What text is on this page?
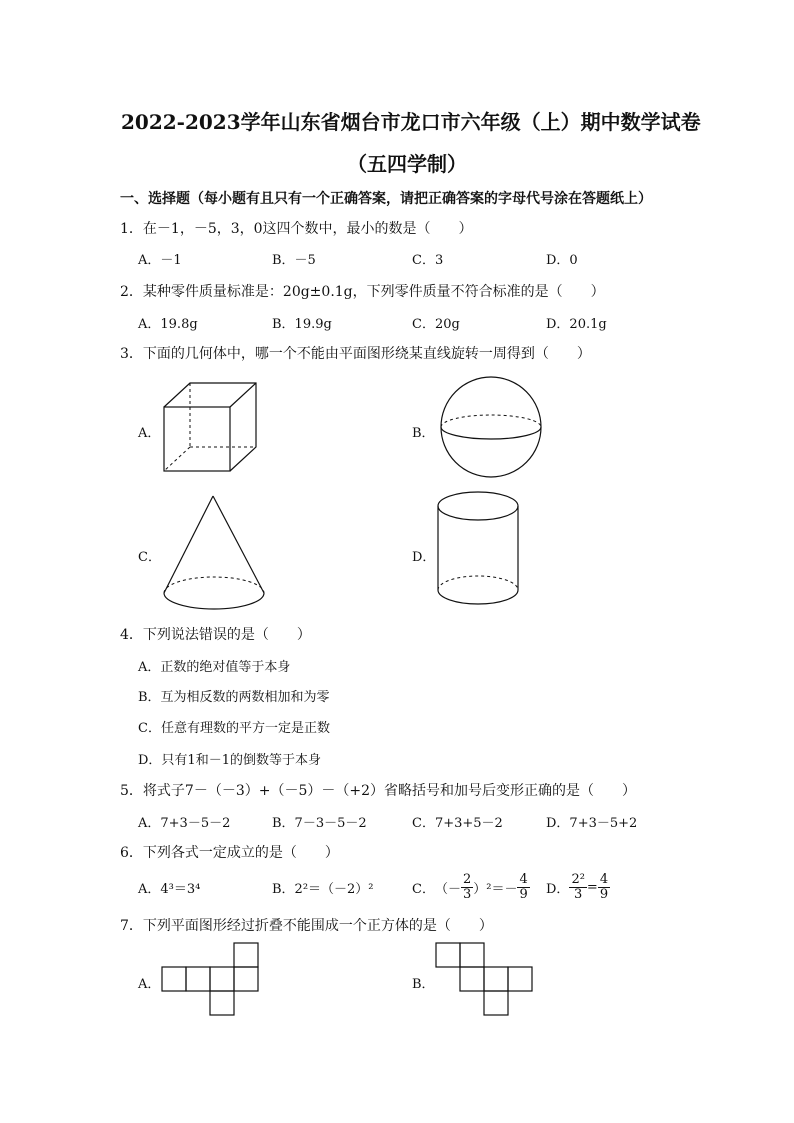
2022-2023学年山东省烟台市龙口市六年级（上）期中数学试卷
（五四学制）
一、选择题（每小题有且只有一个正确答案，请把正确答案的字母代号涂在答题纸上）
1．在－1，－5，3，0这四个数中，最小的数是（　　）
A．－1	B．－5	C．3	D．0
2．某种零件质量标准是：20g±0.1g，下列零件质量不符合标准的是（　　）
A．19.8g	B．19.9g	C．20g	D．20.1g
3．下面的几何体中，哪一个不能由平面图形绕某直线旋转一周得到（　　）
A．	B．
C．	D．
4．下列说法错误的是（　　）
A．正数的绝对值等于本身
B．互为相反数的两数相加和为零
C．任意有理数的平方一定是正数
D．只有1和－1的倒数等于本身
5．将式子7－（－3）+（－5）－（+2）省略括号和加号后变形正确的是（　　）
A．7+3－5－2	B．7－3－5－2	C．7+3+5－2	D．7+3－5+2
6．下列各式一定成立的是（　　）
A．4³＝3⁴	B．2²＝（－2）²	C． （－ $\frac{2}{3} )^2=- \frac{4}{9}$ D． $\frac{\text{2²}}{3} = \frac{4}{9}$
7．下列平面图形经过折叠不能围成一个正方体的是（　　）
A．	B．
